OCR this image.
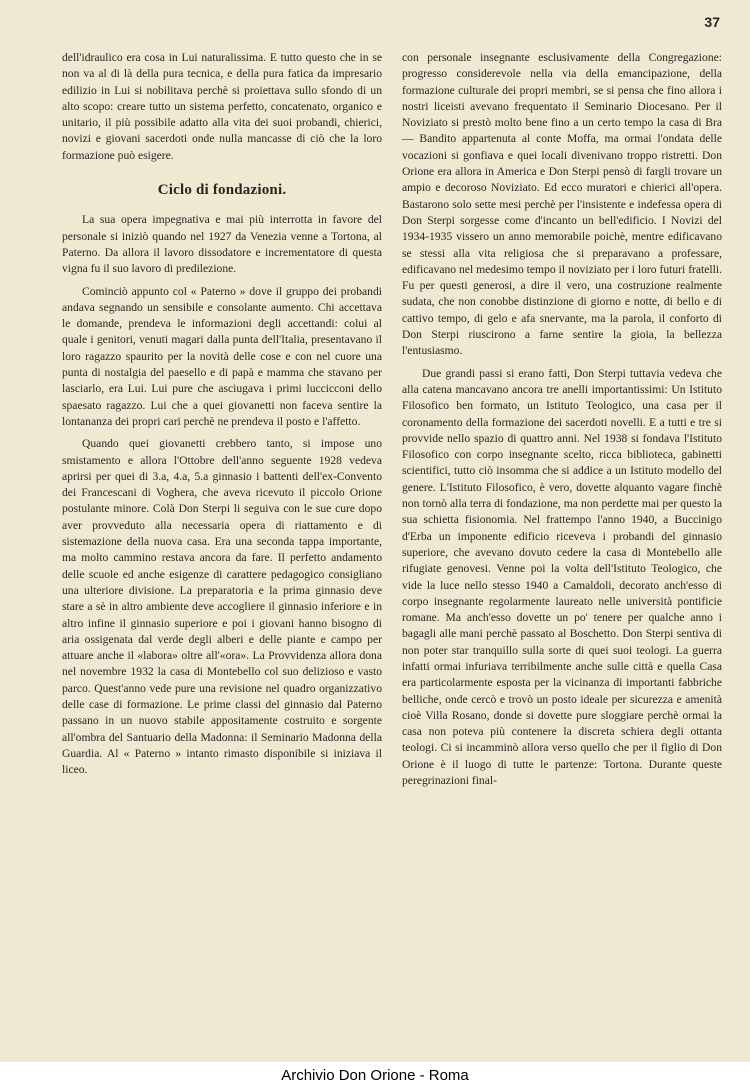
37

dell'idraulico era cosa in Lui naturalissima. E tutto questo che in se non va al di là della pura tecnica, e della pura fatica da impresario edilizio in Lui si nobilitava perchè si proiettava sullo sfondo di un alto scopo: creare tutto un sistema perfetto, concatenato, organico e unitario, il più possibile adatto alla vita dei suoi probandi, chierici, novizi e giovani sacerdoti onde nulla mancasse di ciò che la loro formazione può esigere.

Ciclo di fondazioni.

La sua opera impegnativa e mai più interrotta in favore del personale si iniziò quando nel 1927 da Venezia venne a Tortona, al Paterno. Da allora il lavoro dissodatore e incrementatore di questa vigna fu il suo lavoro di predilezione.

Cominciò appunto col « Paterno » dove il gruppo dei probandi andava segnando un sensibile e consolante aumento. Chi accettava le domande, prendeva le informazioni degli accettandi: colui al quale i genitori, venuti magari dalla punta dell'Italia, presentavano il loro ragazzo spaurito per la novità delle cose e con nel cuore una punta di nostalgia del paesello e di papà e mamma che stavano per lasciarlo, era Lui. Lui pure che asciugava i primi luccicconi dello spaesato ragazzo. Lui che a quei giovanetti non faceva sentire la lontananza dei propri cari perchè ne prendeva il posto e l'affetto.

Quando quei giovanetti crebbero tanto, si impose uno smistamento e allora l'Ottobre dell'anno seguente 1928 vedeva aprirsi per quei di 3.a, 4.a, 5.a ginnasio i battenti dell'ex-Convento dei Francescani di Voghera, che aveva ricevuto il piccolo Orione postulante minore. Colà Don Sterpi li seguiva con le sue cure dopo aver provveduto alla necessaria opera di riattamento e di sistemazione della nuova casa. Era una seconda tappa importante, ma molto cammino restava ancora da fare. Il perfetto andamento delle scuole ed anche esigenze di carattere pedagogico consigliano una ulteriore divisione. La preparatoria e la prima ginnasio deve stare a sè in altro ambiente deve accogliere il ginnasio inferiore e in altro infine il ginnasio superiore e poi i giovani hanno bisogno di aria ossigenata dal verde degli alberi e delle piante e campo per attuare anche il «labora» oltre all'«ora». La Provvidenza allora dona nel novembre 1932 la casa di Montebello col suo delizioso e vasto parco. Quest'anno vede pure una revisione nel quadro organizzativo delle case di formazione. Le prime classi del ginnasio dal Paterno passano in un nuovo stabile appositamente costruito e sorgente all'ombra del Santuario della Madonna: il Seminario Madonna della Guardia. Al « Paterno » intanto rimasto disponibile si iniziava il liceo.

con personale insegnante esclusivamente della Congregazione: progresso considerevole nella via della emancipazione, della formazione culturale dei propri membri, se si pensa che fino allora i nostri liceisti avevano frequentato il Seminario Diocesano. Per il Noviziato si prestò molto bene fino a un certo tempo la casa di Bra — Bandito appartenuta al conte Moffa, ma ormai l'ondata delle vocazioni si gonfiava e quei locali divenivano troppo ristretti. Don Orione era allora in America e Don Sterpi pensò di fargli trovare un ampio e decoroso Noviziato. Ed ecco muratori e chierici all'opera. Bastarono solo sette mesi perchè per l'insistente e indefessa opera di Don Sterpi sorgesse come d'incanto un bell'edificio. I Novizi del 1934-1935 vissero un anno memorabile poichè, mentre edificavano se stessi alla vita religiosa che si preparavano a professare, edificavano nel medesimo tempo il noviziato per i loro futuri fratelli. Fu per questi generosi, a dire il vero, una costruzione realmente sudata, che non conobbe distinzione di giorno e notte, di bello e di cattivo tempo, di gelo e afa snervante, ma la parola, il conforto di Don Sterpi riuscirono a farne sentire la gioia, la bellezza l'entusiasmo.

Due grandi passi si erano fatti, Don Sterpi tuttavia vedeva che alla catena mancavano ancora tre anelli importantissimi: Un Istituto Filosofico ben formato, un Istituto Teologico, una casa per il coronamento della formazione dei sacerdoti novelli. E a tutti e tre si provvide nello spazio di quattro anni. Nel 1938 si fondava l'Istituto Filosofico con corpo insegnante scelto, ricca biblioteca, gabinetti scientifici, tutto ciò insomma che si addice a un Istituto modello del genere. L'Istituto Filosofico, è vero, dovette alquanto vagare finchè non tornò alla terra di fondazione, ma non perdette mai per questo la sua schietta fisionomia. Nel frattempo l'anno 1940, a Buccinigo d'Erba un imponente edificio riceveva i probandi del ginnasio superiore, che avevano dovuto cedere la casa di Montebello alle rifugiate genovesi. Venne poi la volta dell'Istituto Teologico, che vide la luce nello stesso 1940 a Camaldoli, decorato anch'esso di corpo insegnante regolarmente laureato nelle università pontificie romane. Ma anch'esso dovette un po' tenere per qualche anno i bagagli alle mani perchè passato al Boschetto. Don Sterpi sentiva di non poter star tranquillo sulla sorte di quei suoi teologi. La guerra infatti ormai infuriava terribilmente anche sulle città e quella Casa era particolarmente esposta per la vicinanza di importanti fabbriche belliche, onde cercò e trovò un posto ideale per sicurezza e amenità cioè Villa Rosano, donde si dovette pure sloggiare perchè ormai la casa non poteva più contenere la discreta schiera degli ottanta teologi. Ci si incamminò allora verso quello che per il figlio di Don Orione è il luogo di tutte le partenze: Tortona. Durante queste peregrinazioni final-

Archivio Don Orione - Roma
